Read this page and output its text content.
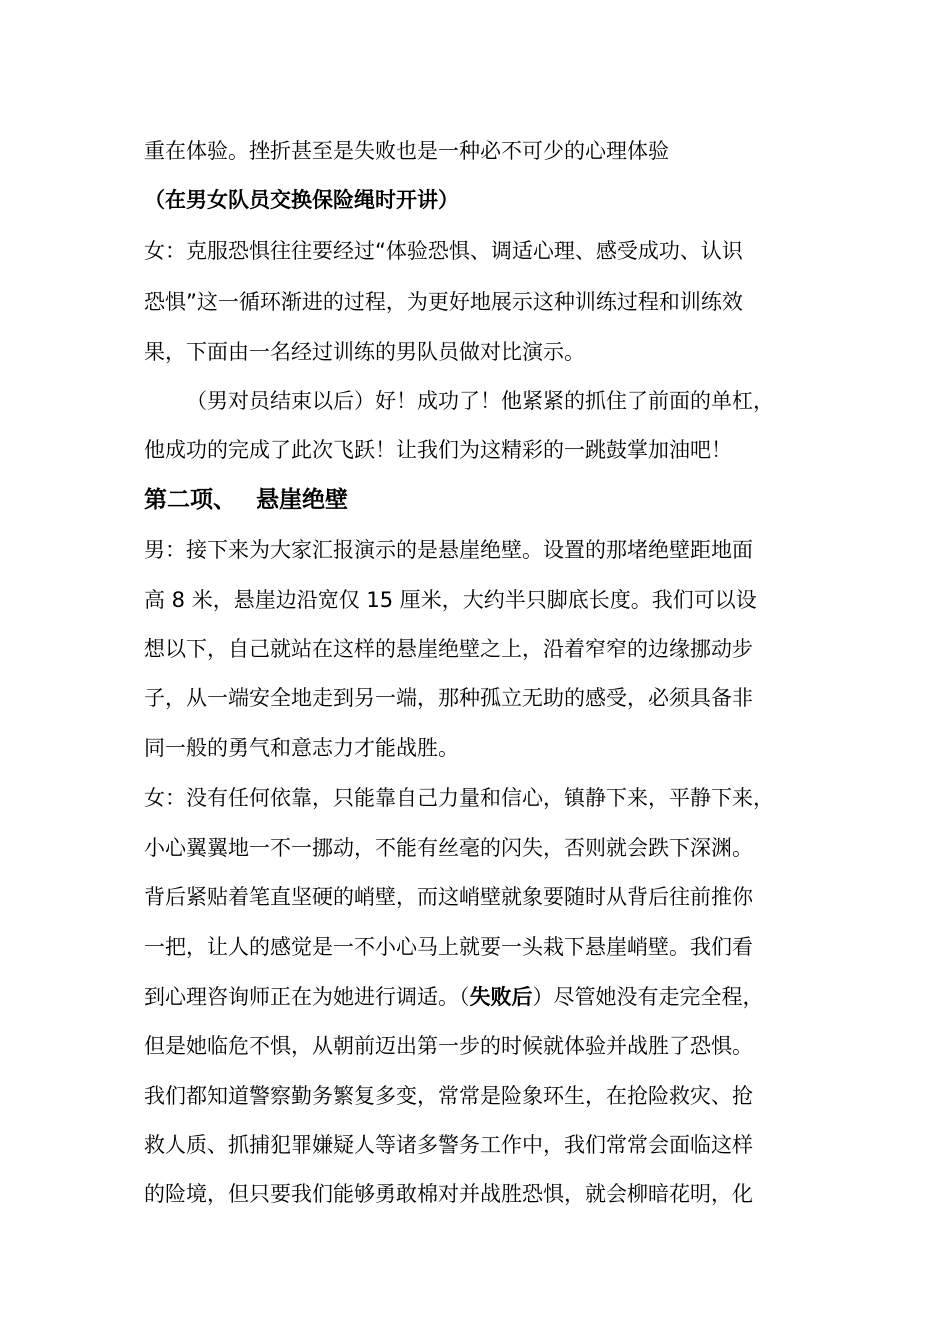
重在体验。挫折甚至是失败也是一种必不可少的心理体验
（在男女队员交换保险绳时开讲）
女：克服恐惧往往要经过“体验恐惧、调适心理、感受成功、认识
恐惧”这一循环渐进的过程，为更好地展示这种训练过程和训练效
果，下面由一名经过训练的男队员做对比演示。
（男对员结束以后）好！成功了！他紧紧的抓住了前面的单杠，
他成功的完成了此次飞跃！让我们为这精彩的一跳鼓掌加油吧！
第二项、 悬崖绝壁
男：接下来为大家汇报演示的是悬崖绝壁。设置的那堵绝壁距地面
高 8 米，悬崖边沿宽仅 15 厘米，大约半只脚底长度。我们可以设
想以下，自己就站在这样的悬崖绝壁之上，沿着窄窄的边缘挪动步
子，从一端安全地走到另一端，那种孤立无助的感受，必须具备非
同一般的勇气和意志力才能战胜。
女：没有任何依靠，只能靠自己力量和信心，镇静下来，平静下来，
小心翼翼地一不一挪动，不能有丝毫的闪失，否则就会跌下深渊。
背后紧贴着笔直坚硬的峭壁，而这峭壁就象要随时从背后往前推你
一把，让人的感觉是一不小心马上就要一头栽下悬崖峭壁。我们看
到心理咨询师正在为她进行调适。（失败后）尽管她没有走完全程，
但是她临危不惧，从朝前迈出第一步的时候就体验并战胜了恐惧。
我们都知道警察勤务繁复多变，常常是险象环生，在抢险救灾、抢
救人质、抓捕犯罪嫌疑人等诸多警务工作中，我们常常会面临这样
的险境，但只要我们能够勇敢棉对并战胜恐惧，就会柳暗花明，化
